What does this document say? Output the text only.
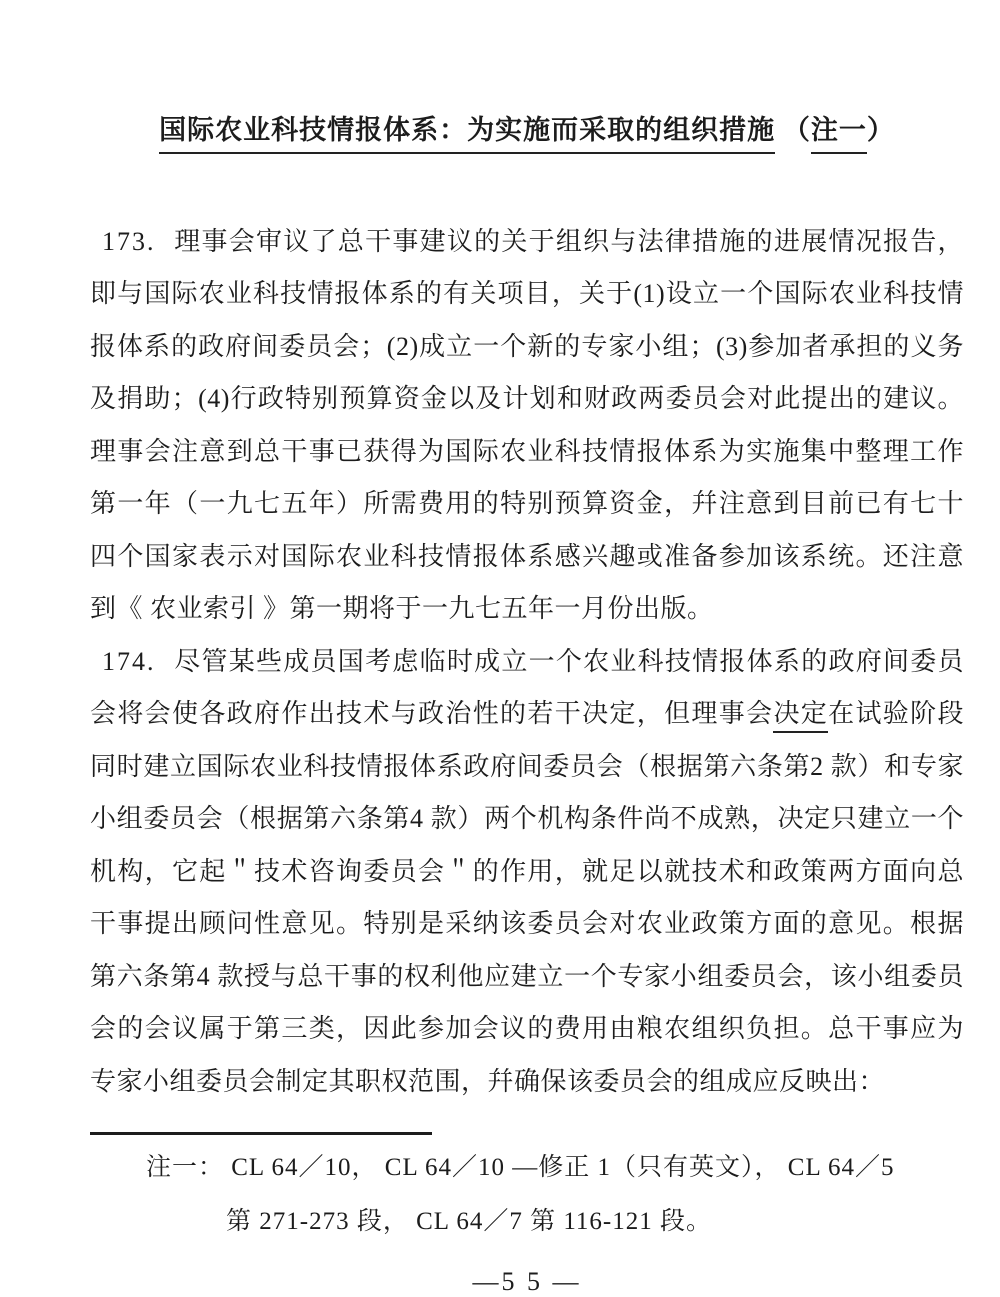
国际农业科技情报体系：为实施而采取的组织措施 （注一）

173. 理事会审议了总干事建议的关于组织与法律措施的进展情况报告，即与国际农业科技情报体系的有关项目，关于(1)设立一个国际农业科技情报体系的政府间委员会；(2)成立一个新的专家小组；(3)参加者承担的义务及捐助；(4)行政特别预算资金以及计划和财政两委员会对此提出的建议。理事会注意到总干事已获得为国际农业科技情报体系为实施集中整理工作第一年（一九七五年）所需费用的特别预算资金，幷注意到目前已有七十四个国家表示对国际农业科技情报体系感兴趣或准备参加该系统。还注意到《 农业索引 》第一期将于一九七五年一月份出版。

174. 尽管某些成员国考虑临时成立一个农业科技情报体系的政府间委员会将会使各政府作出技术与政治性的若干决定，但理事会决定在试验阶段同时建立国际农业科技情报体系政府间委员会（根据第六条第2 款）和专家小组委员会（根据第六条第4 款）两个机构条件尚不成熟，决定只建立一个机构，它起＂技术咨询委员会＂的作用，就足以就技术和政策两方面向总干事提出顾问性意见。特别是采纳该委员会对农业政策方面的意见。根据第六条第4 款授与总干事的权利他应建立一个专家小组委员会，该小组委员会的会议属于第三类，因此参加会议的费用由粮农组织负担。总干事应为专家小组委员会制定其职权范围，幷确保该委员会的组成应反映出：

注一： CL 64／10， CL 64／10 —修正 1（只有英文）， CL 64／5

第 271-273 段， CL 64／7 第 116-121 段。

—5 5 —
